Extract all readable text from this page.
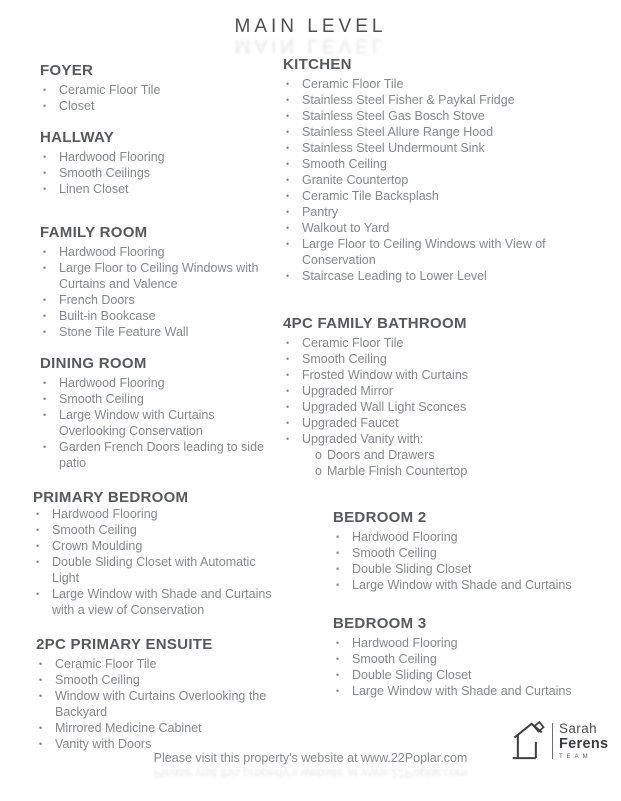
MAIN LEVEL
MAIN LEVEL
FOYER
•	Ceramic Floor Tile
•	Closet
HALLWAY
•	Hardwood Flooring
•	Smooth Ceilings
•	Linen Closet
FAMILY ROOM
•	Hardwood Flooring
•	Large Floor to Ceiling Windows with Curtains and Valence
•	French Doors
•	Built-in Bookcase
•	Stone Tile Feature Wall
DINING ROOM
•	Hardwood Flooring
•	Smooth Ceiling
•	Large Window with Curtains Overlooking Conservation
•	Garden French Doors leading to side patio
PRIMARY BEDROOM
•	Hardwood Flooring
•	Smooth Ceiling
•	Crown Moulding
•	Double Sliding Closet with Automatic Light
•	Large Window with Shade and Curtains with a view of Conservation
2PC PRIMARY ENSUITE
•	Ceramic Floor Tile
•	Smooth Ceiling
•	Window with Curtains Overlooking the Backyard
•	Mirrored Medicine Cabinet
•	Vanity with Doors
KITCHEN
•	Ceramic Floor Tile
•	Stainless Steel Fisher & Paykal Fridge
•	Stainless Steel Gas Bosch Stove
•	Stainless Steel Allure Range Hood
•	Stainless Steel Undermount Sink
•	Smooth Ceiling
•	Granite Countertop
•	Ceramic Tile Backsplash
•	Pantry
•	Walkout to Yard
•	Large Floor to Ceiling Windows with View of Conservation
•	Staircase Leading to Lower Level
4PC FAMILY BATHROOM
•	Ceramic Floor Tile
•	Smooth Ceiling
•	Frosted Window with Curtains
•	Upgraded Mirror
•	Upgraded Wall Light Sconces
•	Upgraded Faucet
•	Upgraded Vanity with:
o Doors and Drawers
o Marble Finish Countertop
BEDROOM 2
•	Hardwood Flooring
•	Smooth Ceiling
•	Double Sliding Closet
•	Large Window with Shade and Curtains
BEDROOM 3
•	Hardwood Flooring
•	Smooth Ceiling
•	Double Sliding Closet
•	Large Window with Shade and Curtains
Please visit this property's website at www.22Poplar.com
Please visit this property's website at www.22Poplar.com
Sarah
Ferens
TEAM
